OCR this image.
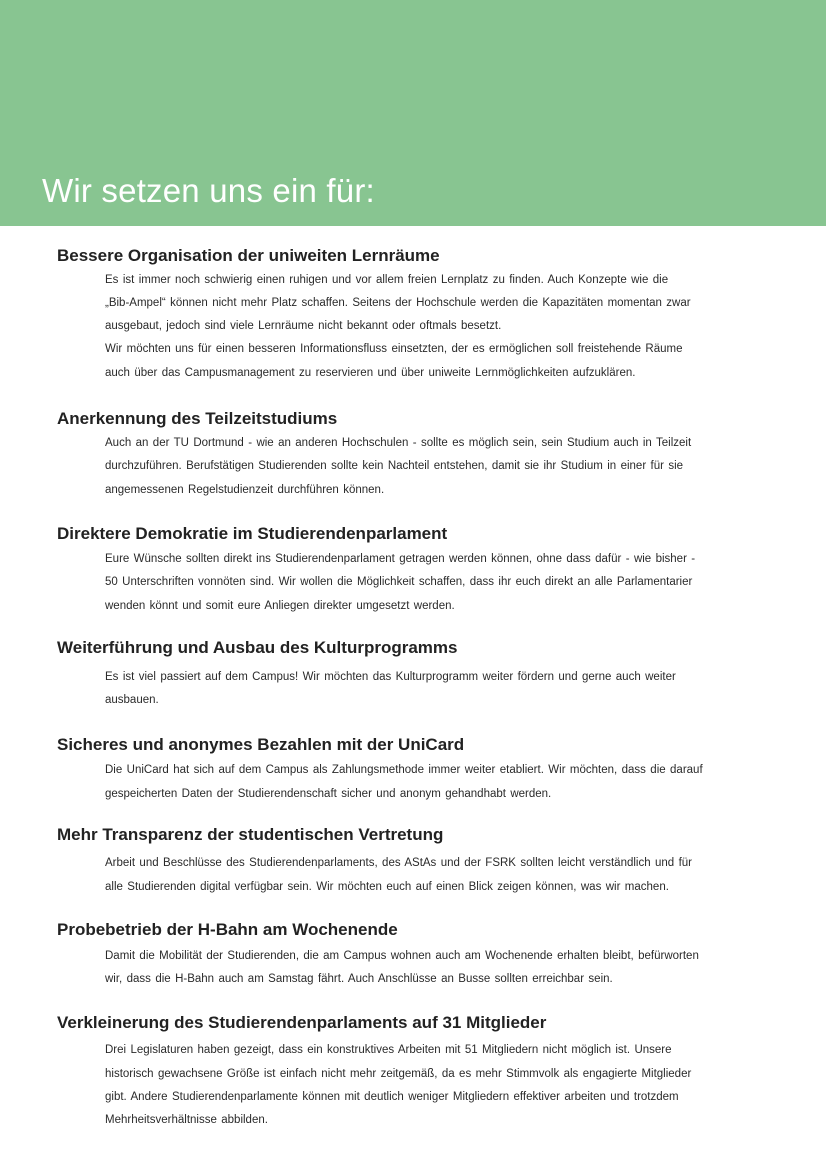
Wir setzen uns ein für:
Bessere Organisation der uniweiten Lernräume

Es ist immer noch schwierig einen ruhigen und vor allem freien Lernplatz zu finden. Auch Konzepte wie die

„Bib-Ampel“ können nicht mehr Platz schaffen. Seitens der Hochschule werden die Kapazitäten momentan zwar

ausgebaut, jedoch sind viele Lernräume nicht bekannt oder oftmals besetzt.

Wir möchten uns für einen besseren Informationsfluss einsetzten, der es ermöglichen soll freistehende Räume

auch über das Campusmanagement zu reservieren und über uniweite Lernmöglichkeiten aufzuklären.

Anerkennung des Teilzeitstudiums

Auch an der TU Dortmund - wie an anderen Hochschulen - sollte es möglich sein, sein Studium auch in Teilzeit

durchzuführen. Berufstätigen Studierenden sollte kein Nachteil entstehen, damit sie ihr Studium in einer für sie

angemessenen Regelstudienzeit durchführen können.

Direktere Demokratie im Studierendenparlament

Eure Wünsche sollten direkt ins Studierendenparlament getragen werden können, ohne dass dafür - wie bisher -

50 Unterschriften vonnöten sind. Wir wollen die Möglichkeit schaffen, dass ihr euch direkt an alle Parlamentarier

wenden könnt und somit eure Anliegen direkter umgesetzt werden.

Weiterführung und Ausbau des Kulturprogramms

Es ist viel passiert auf dem Campus! Wir möchten das Kulturprogramm weiter fördern und gerne auch weiter

ausbauen.

Sicheres und anonymes Bezahlen mit der UniCard

Die UniCard hat sich auf dem Campus als Zahlungsmethode immer weiter etabliert. Wir möchten, dass die darauf

gespeicherten Daten der Studierendenschaft sicher und anonym gehandhabt werden.

Mehr Transparenz der studentischen Vertretung

Arbeit und Beschlüsse des Studierendenparlaments, des AStAs und der FSRK sollten leicht verständlich und für

alle Studierenden digital verfügbar sein. Wir möchten euch auf einen Blick zeigen können, was wir machen.

Probebetrieb der H-Bahn am Wochenende

Damit die Mobilität der Studierenden, die am Campus wohnen auch am Wochenende erhalten bleibt, befürworten

wir, dass die H-Bahn auch am Samstag fährt. Auch Anschlüsse an Busse sollten erreichbar sein.

Verkleinerung des Studierendenparlaments auf 31 Mitglieder

Drei Legislaturen haben gezeigt, dass ein konstruktives Arbeiten mit 51 Mitgliedern nicht möglich ist. Unsere

historisch gewachsene Größe ist einfach nicht mehr zeitgemäß, da es mehr Stimmvolk als engagierte Mitglieder

gibt. Andere Studierendenparlamente können mit deutlich weniger Mitgliedern effektiver arbeiten und trotzdem

Mehrheitsverhältnisse abbilden.
